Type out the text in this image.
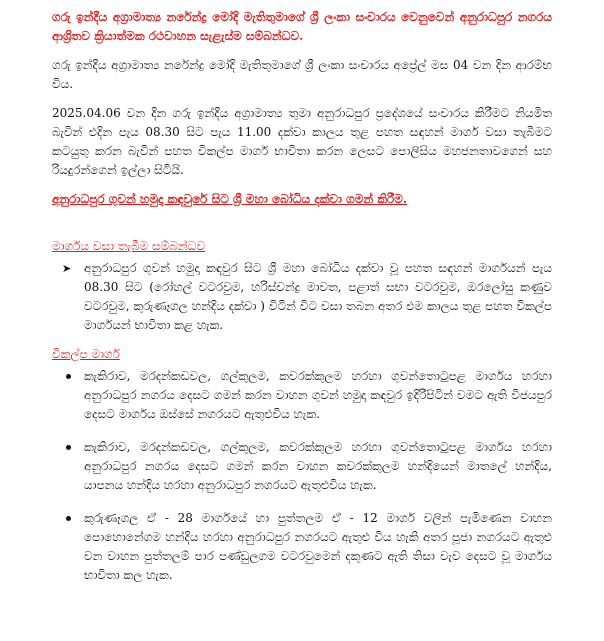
ගරු ඉන්දීය අග්‍රාමාත්‍ය නරේන්ද්‍ර මෝදි මැතිතුමාගේ ශ්‍රී ලංකා සංචාරය වෙනුවෙන් අනුරාධපුර නගරය ආශ්‍රිතව ක්‍රියාත්මක රථවාහන සැළැස්ම සම්බන්ධව.

ගරු ඉන්දීය අග්‍රාමාත්‍ය නරේන්ද්‍ර මෝදි මැතිතුමාගේ ශ්‍රී ලංකා සංචාරය අප්‍රේල් මස 04 වන දින ආරම්භ විය.

2025.04.06 වන දින ගරු ඉන්දීය අග්‍රාමාත්‍ය තුමා අනුරාධපුර ප්‍රදේශයේ සංචාරය කිරීමට නියමිත බැවින් එදින පැය 08.30 සිට පැය 11.00 දක්වා කාලය තුළ පහත සඳහන් මාර්ග වසා තැබීමට කටයුතු කරන බැවින් පහත විකල්ප මාර්ග භාවිතා කරන ලෙසට පොලිසිය මහජනතාවගෙන් සහ රියදුරන්ගෙන් ඉල්ලා සිටියි.

අනුරාධපුර ගුවන් හමුදා කඳවුරේ සිට ශ්‍රී මහා බෝධිය දක්වා ගමන් කිරීම.

මාර්ගය වසා තැබීම සම්බන්ධව

➤ අනුරාධපුර ගුවන් හමුදා කඳවුර සිට ශ්‍රී මහා බෝධිය දක්වා වූ පහත සඳහන් මාර්ගයන් පැය 08.30 සිට (රෝහල් වටරවුම, හරිස්චන්ද්‍ර මාවත, පළාත් සභා වටරවුම, ඔරලෝසු කණුව වටරවුම, කුරුණෑගල හන්දිය දක්වා ) විටින් විට වසා තබන අතර එම කාලය තුළ පහත විකල්ප මාර්ගයන් භාවිතා කළ හැක.

විකල්ප මාර්ග

කැකිරාව, මරදන්කඩවල, ගල්කුලම, කවරක්කුලම හරහා ගුවන්තොටුපළ මාර්ගය හරහා අනුරාධපුර නගරය දෙසට ගමන් කරන වාහන ගුවන් හමුදා කඳවුර ඉදිරිපිටින් වමට ඇති විජයපුර දෙසට මාර්ගය ඔස්සේ නගරයට ඇතුළුවිය හැක.
කැකිරාව, මරදන්කඩවල, ගල්කුලම, කවරක්කුලම හරහා ගුවන්තොටුපළ මාර්ගය හරහා අනුරාධපුර නගරය දෙසට ගමන් කරන වාහන කවරක්කුලම හන්දියෙන් මාතලේ හන්දිය, යාපනය හන්දිය හරහා අනුරාධපුර නගරයට ඇතුළුවිය හැක.
කුරුණෑගල ඒ - 28 මාර්ගයේ හා පුත්තලම ඒ - 12 මාර්ග වලින් පැමිණෙන වාහන පොහොනේගම හන්දිය හරහා අනුරාධපුර නගරයට ඇතුළු විය හැකි අතර පූජා නගරයට ඇතුළු වන වාහන පුත්තලම් පාර පණ්ඩුලගම වටරවුමෙන් දකුණට ඇති තිසා වැව දෙසට වූ මාර්ගය භාවිතා කල හැක.
